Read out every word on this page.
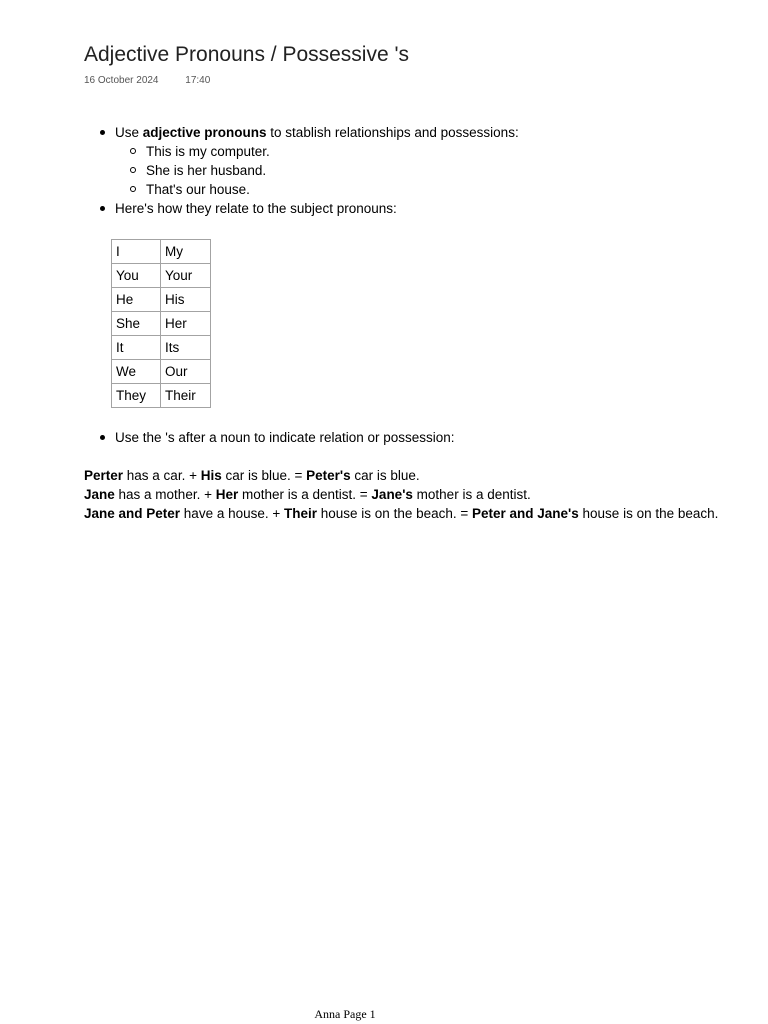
Adjective Pronouns / Possessive 's
16 October 2024	17:40
Use adjective pronouns to stablish relationships and possessions:
This is my computer.
She is her husband.
That's our house.
Here's how they relate to the subject pronouns:
I	My
You	Your
He	His
She	Her
It	Its
We	Our
They	Their
Use the 's after a noun to indicate relation or possession:
Perter has a car. + His car is blue. = Peter's car is blue.
Jane has a mother. + Her mother is a dentist. = Jane's mother is a dentist.
Jane and Peter have a house. + Their house is on the beach. = Peter and Jane's house is on the beach.
Anna Page 1
